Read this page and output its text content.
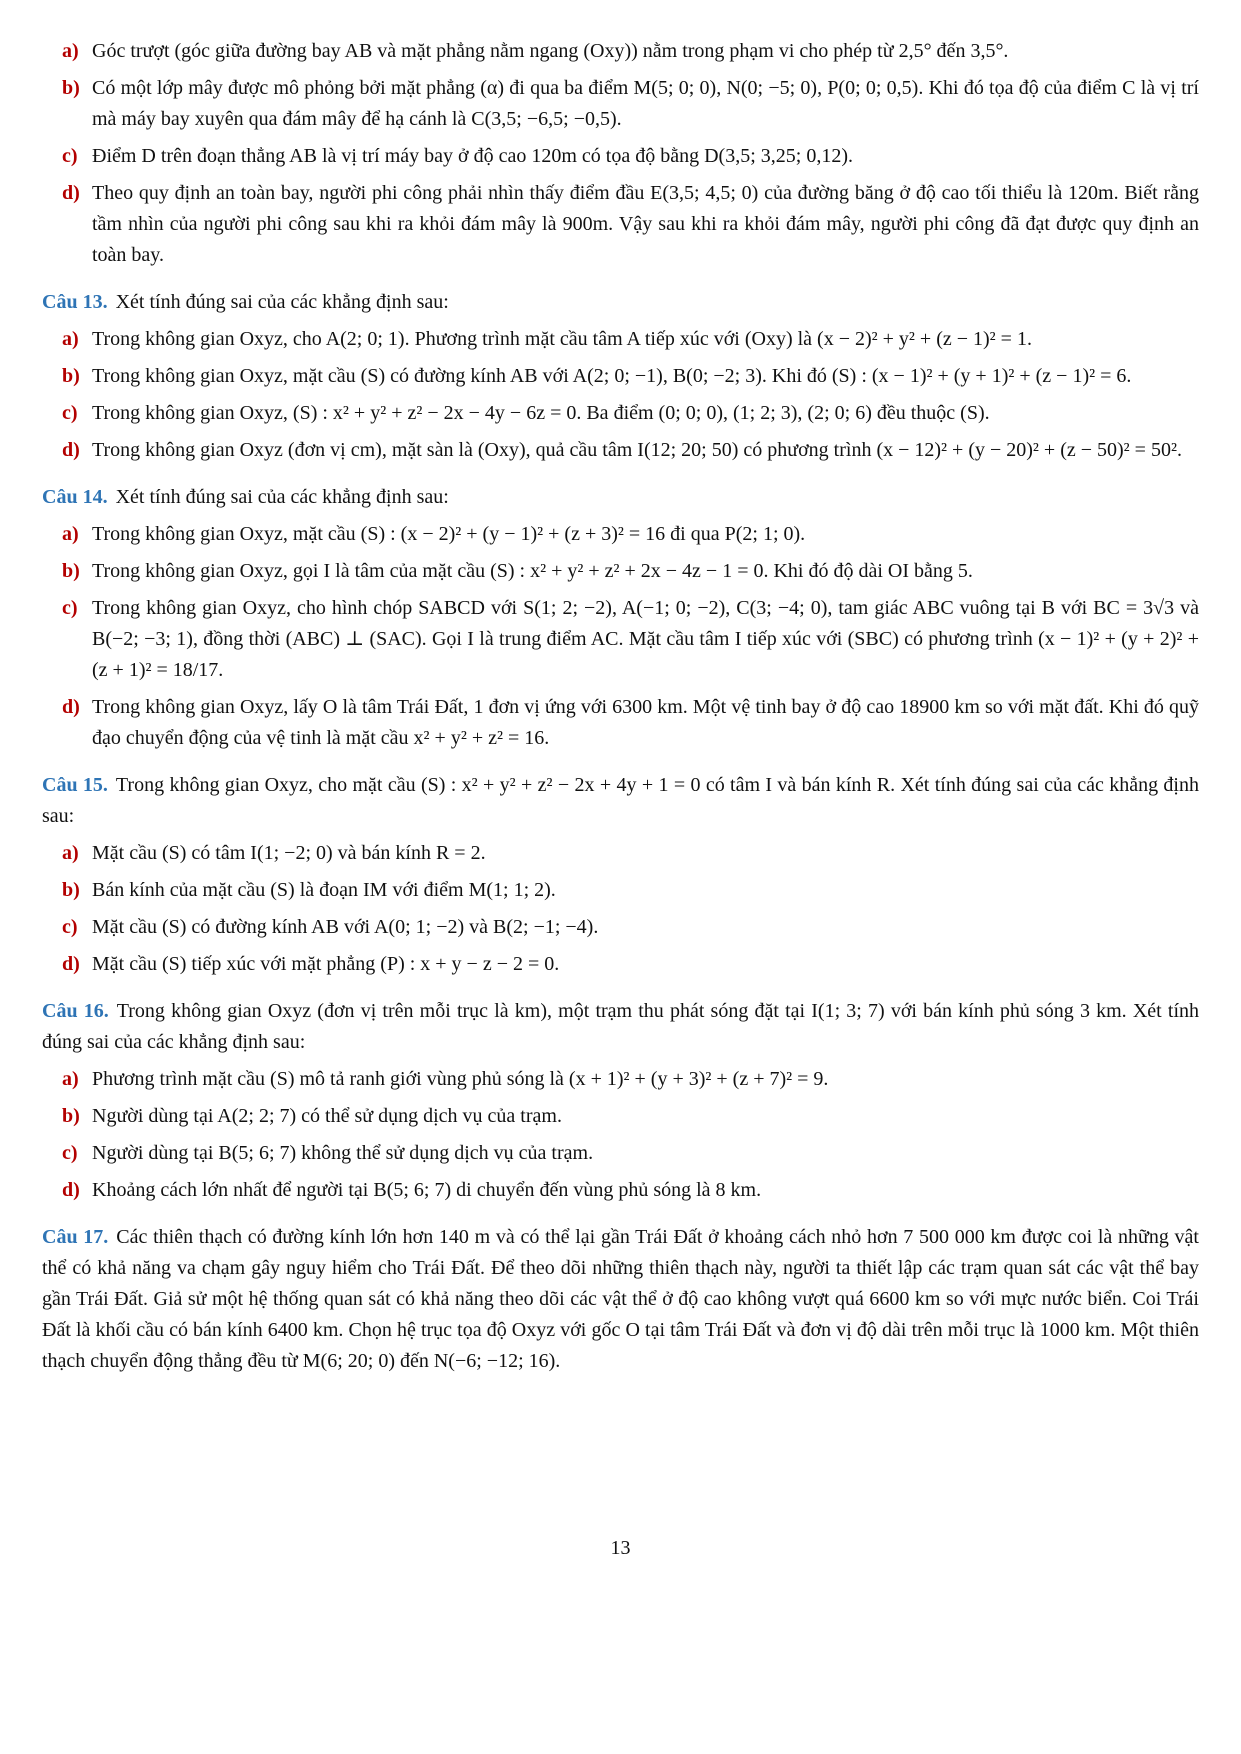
a) Góc trượt (góc giữa đường bay AB và mặt phẳng nằm ngang (Oxy)) nằm trong phạm vi cho phép từ 2,5° đến 3,5°.
b) Có một lớp mây được mô phỏng bởi mặt phẳng (α) đi qua ba điểm M(5; 0; 0), N(0; −5; 0), P(0; 0; 0,5). Khi đó tọa độ của điểm C là vị trí mà máy bay xuyên qua đám mây để hạ cánh là C(3,5; −6,5; −0,5).
c) Điểm D trên đoạn thẳng AB là vị trí máy bay ở độ cao 120m có tọa độ bằng D(3,5; 3,25; 0,12).
d) Theo quy định an toàn bay, người phi công phải nhìn thấy điểm đầu E(3,5; 4,5; 0) của đường băng ở độ cao tối thiểu là 120m. Biết rằng tầm nhìn của người phi công sau khi ra khỏi đám mây là 900m. Vậy sau khi ra khỏi đám mây, người phi công đã đạt được quy định an toàn bay.

Câu 13. Xét tính đúng sai của các khẳng định sau:

a) Trong không gian Oxyz, cho A(2; 0; 1). Phương trình mặt cầu tâm A tiếp xúc với (Oxy) là (x − 2)² + y² + (z − 1)² = 1.
b) Trong không gian Oxyz, mặt cầu (S) có đường kính AB với A(2; 0; −1), B(0; −2; 3). Khi đó (S) : (x − 1)² + (y + 1)² + (z − 1)² = 6.
c) Trong không gian Oxyz, (S) : x² + y² + z² − 2x − 4y − 6z = 0. Ba điểm (0; 0; 0), (1; 2; 3), (2; 0; 6) đều thuộc (S).
d) Trong không gian Oxyz (đơn vị cm), mặt sàn là (Oxy), quả cầu tâm I(12; 20; 50) có phương trình (x − 12)² + (y − 20)² + (z − 50)² = 50².

Câu 14. Xét tính đúng sai của các khẳng định sau:

a) Trong không gian Oxyz, mặt cầu (S) : (x − 2)² + (y − 1)² + (z + 3)² = 16 đi qua P(2; 1; 0).
b) Trong không gian Oxyz, gọi I là tâm của mặt cầu (S) : x² + y² + z² + 2x − 4z − 1 = 0. Khi đó độ dài OI bằng 5.
c) Trong không gian Oxyz, cho hình chóp SABCD với S(1; 2; −2), A(−1; 0; −2), C(3; −4; 0), tam giác ABC vuông tại B với BC = 3√3 và B(−2; −3; 1), đồng thời (ABC) ⊥ (SAC). Gọi I là trung điểm AC. Mặt cầu tâm I tiếp xúc với (SBC) có phương trình (x − 1)² + (y + 2)² + (z + 1)² = 18/17.
d) Trong không gian Oxyz, lấy O là tâm Trái Đất, 1 đơn vị ứng với 6300 km. Một vệ tinh bay ở độ cao 18900 km so với mặt đất. Khi đó quỹ đạo chuyển động của vệ tinh là mặt cầu x² + y² + z² = 16.

Câu 15. Trong không gian Oxyz, cho mặt cầu (S) : x² + y² + z² − 2x + 4y + 1 = 0 có tâm I và bán kính R. Xét tính đúng sai của các khẳng định sau:

a) Mặt cầu (S) có tâm I(1; −2; 0) và bán kính R = 2.
b) Bán kính của mặt cầu (S) là đoạn IM với điểm M(1; 1; 2).
c) Mặt cầu (S) có đường kính AB với A(0; 1; −2) và B(2; −1; −4).
d) Mặt cầu (S) tiếp xúc với mặt phẳng (P) : x + y − z − 2 = 0.

Câu 16. Trong không gian Oxyz (đơn vị trên mỗi trục là km), một trạm thu phát sóng đặt tại I(1; 3; 7) với bán kính phủ sóng 3 km. Xét tính đúng sai của các khẳng định sau:

a) Phương trình mặt cầu (S) mô tả ranh giới vùng phủ sóng là (x + 1)² + (y + 3)² + (z + 7)² = 9.
b) Người dùng tại A(2; 2; 7) có thể sử dụng dịch vụ của trạm.
c) Người dùng tại B(5; 6; 7) không thể sử dụng dịch vụ của trạm.
d) Khoảng cách lớn nhất để người tại B(5; 6; 7) di chuyển đến vùng phủ sóng là 8 km.

Câu 17. Các thiên thạch có đường kính lớn hơn 140 m và có thể lại gần Trái Đất ở khoảng cách nhỏ hơn 7 500 000 km được coi là những vật thể có khả năng va chạm gây nguy hiểm cho Trái Đất. Để theo dõi những thiên thạch này, người ta thiết lập các trạm quan sát các vật thể bay gần Trái Đất. Giả sử một hệ thống quan sát có khả năng theo dõi các vật thể ở độ cao không vượt quá 6600 km so với mực nước biển. Coi Trái Đất là khối cầu có bán kính 6400 km. Chọn hệ trục tọa độ Oxyz với gốc O tại tâm Trái Đất và đơn vị độ dài trên mỗi trục là 1000 km. Một thiên thạch chuyển động thẳng đều từ M(6; 20; 0) đến N(−6; −12; 16).

13
